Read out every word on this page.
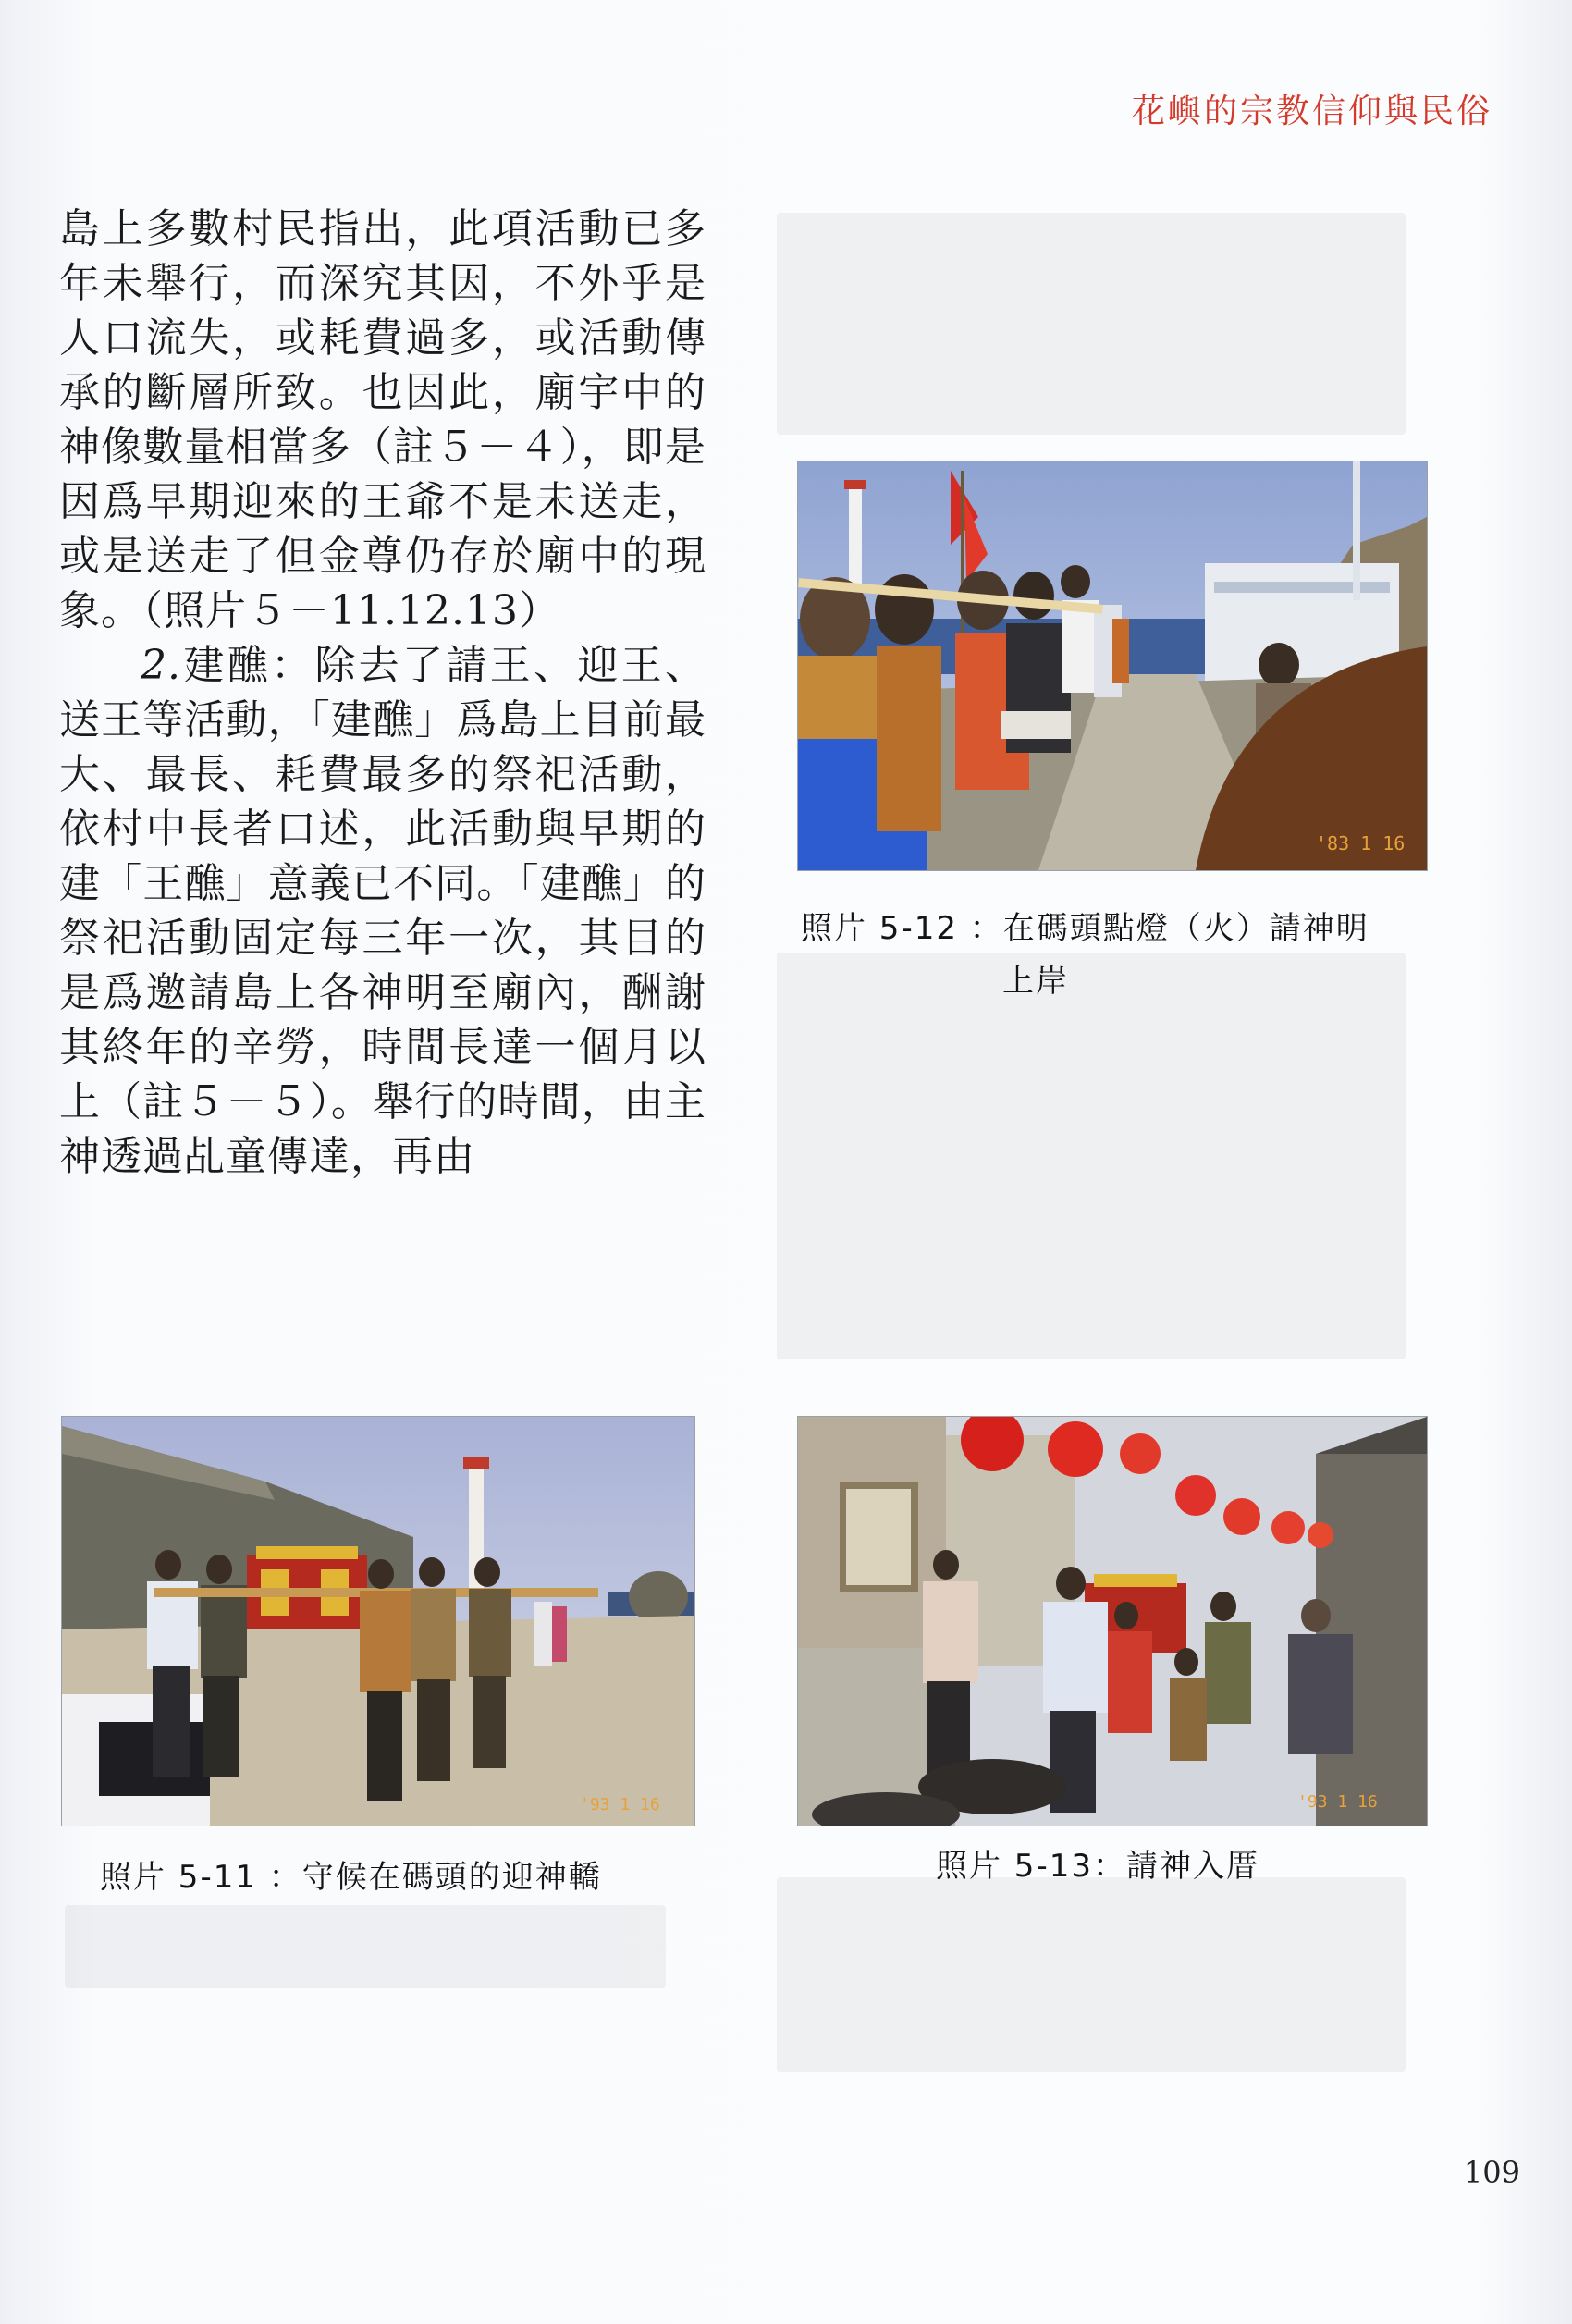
花嶼的宗教信仰與民俗

島上多數村民指出，此項活動已多年未舉行，而深究其因，不外乎是人口流失，或耗費過多，或活動傳承的斷層所致。也因此，廟宇中的神像數量相當多（註５－４），即是因爲早期迎來的王爺不是未送走，或是送走了但金尊仍存於廟中的現象。（照片５－11.12.13）

2.建醮：除去了請王、迎王、送王等活動，「建醮」爲島上目前最大、最長、耗費最多的祭祀活動，依村中長者口述，此活動與早期的建「王醮」意義已不同。「建醮」的祭祀活動固定每三年一次，其目的是爲邀請島上各神明至廟內，酬謝其終年的辛勞，時間長達一個月以上（註５－５）。舉行的時間，由主神透過乩童傳達，再由

'83 1 16
照片 5-12 ：在碼頭點燈（火）請神明
上岸
'93 1 16
照片 5-11 ：守候在碼頭的迎神轎
'93 1 16
照片 5-13：請神入厝
109
